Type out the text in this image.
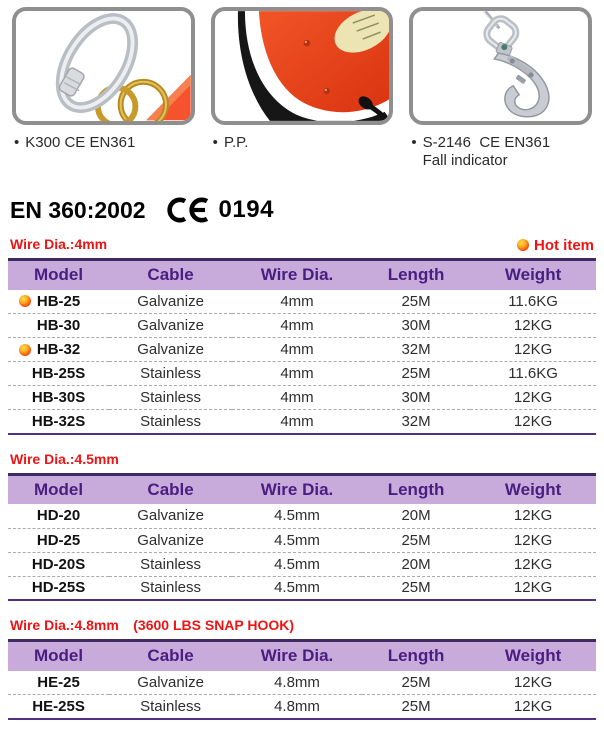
• K300 CE EN361	• P.P.	• S-2146  CE EN361
Fall indicator
EN 360:2002	0194
Wire Dia.:4mm	Hot item
Model	Cable	Wire Dia.	Length	Weight

HB-25	Galvanize	4mm	25M	11.6KG
HB-30	Galvanize	4mm	30M	12KG

HB-32	Galvanize	4mm	32M	12KG
HB-25S	Stainless	4mm	25M	11.6KG
HB-30S	Stainless	4mm	30M	12KG
HB-32S	Stainless	4mm	32M	12KG
Wire Dia.:4.5mm
Model	Cable	Wire Dia.	Length	Weight
HD-20	Galvanize	4.5mm	20M	12KG
HD-25	Galvanize	4.5mm	25M	12KG
HD-20S	Stainless	4.5mm	20M	12KG
HD-25S	Stainless	4.5mm	25M	12KG
Wire Dia.:4.8mm (3600 LBS SNAP HOOK)
Model	Cable	Wire Dia.	Length	Weight
HE-25	Galvanize	4.8mm	25M	12KG
HE-25S	Stainless	4.8mm	25M	12KG
